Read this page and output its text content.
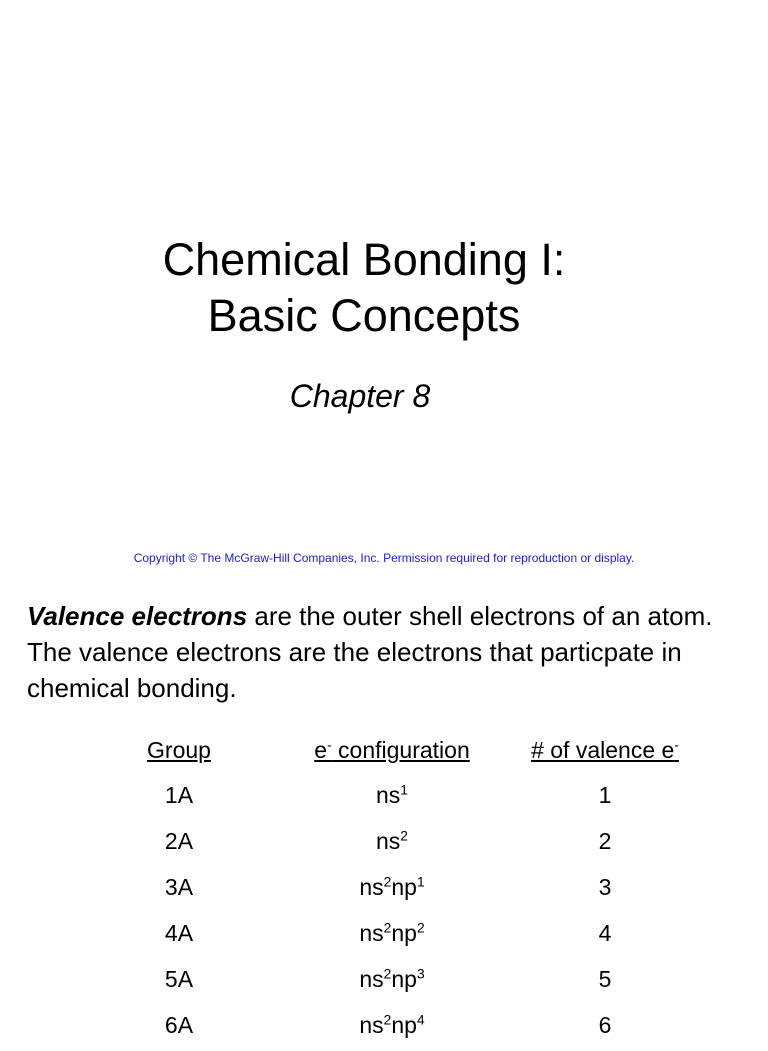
Chemical Bonding I:
Basic Concepts
Chapter 8
Copyright © The McGraw-Hill Companies, Inc. Permission required for reproduction or display.
Valence electrons are the outer shell electrons of an atom. The valence electrons are the electrons that particpate in chemical bonding.
Group	e- configuration	# of valence e-
1A	$ns^1$	1
2A	$ns^2$	2
3A	$ns^2np^1$	3
4A	$ns^2np^2$	4
5A	$ns^2np^3$	5
6A	$ns^2np^4$	6
